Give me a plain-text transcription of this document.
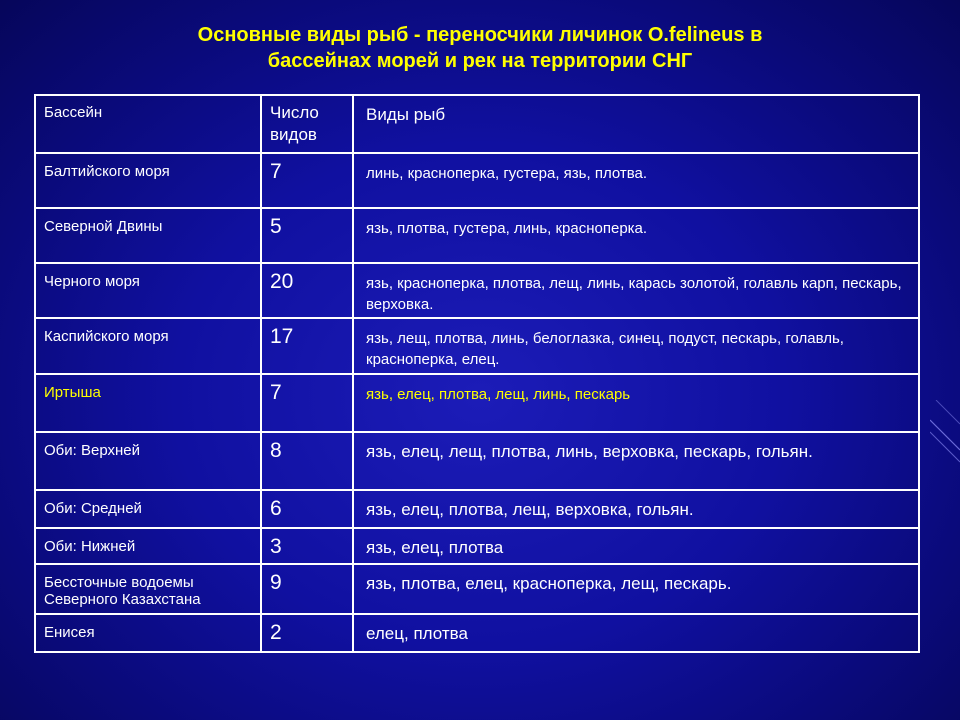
Основные виды рыб - переносчики личинок O.felineus в
бассейнах морей и рек на территории СНГ
Бассейн	Число видов	Виды рыб

Балтийского моря	7	линь, красноперка, густера, язь, плотва.

Северной Двины	5	язь, плотва, густера, линь, красноперка.

Черного моря	20	язь, красноперка, плотва, лещ, линь, карась золотой, голавль карп, пескарь, верховка.

Каспийского моря	17	язь, лещ, плотва, линь, белоглазка, синец, подуст, пескарь, голавль, красноперка, елец.

Иртыша	7	язь, елец, плотва, лещ, линь, пескарь

Оби: Верхней	8	язь, елец, лещ, плотва, линь, верховка, пескарь, гольян.

Оби: Средней	6	язь, елец, плотва, лещ, верховка, гольян.

Оби: Нижней	3	язь, елец, плотва

Бессточные водоемы Северного Казахстана	9	язь, плотва, елец, красноперка, лещ, пескарь.

Енисея	2	елец, плотва
